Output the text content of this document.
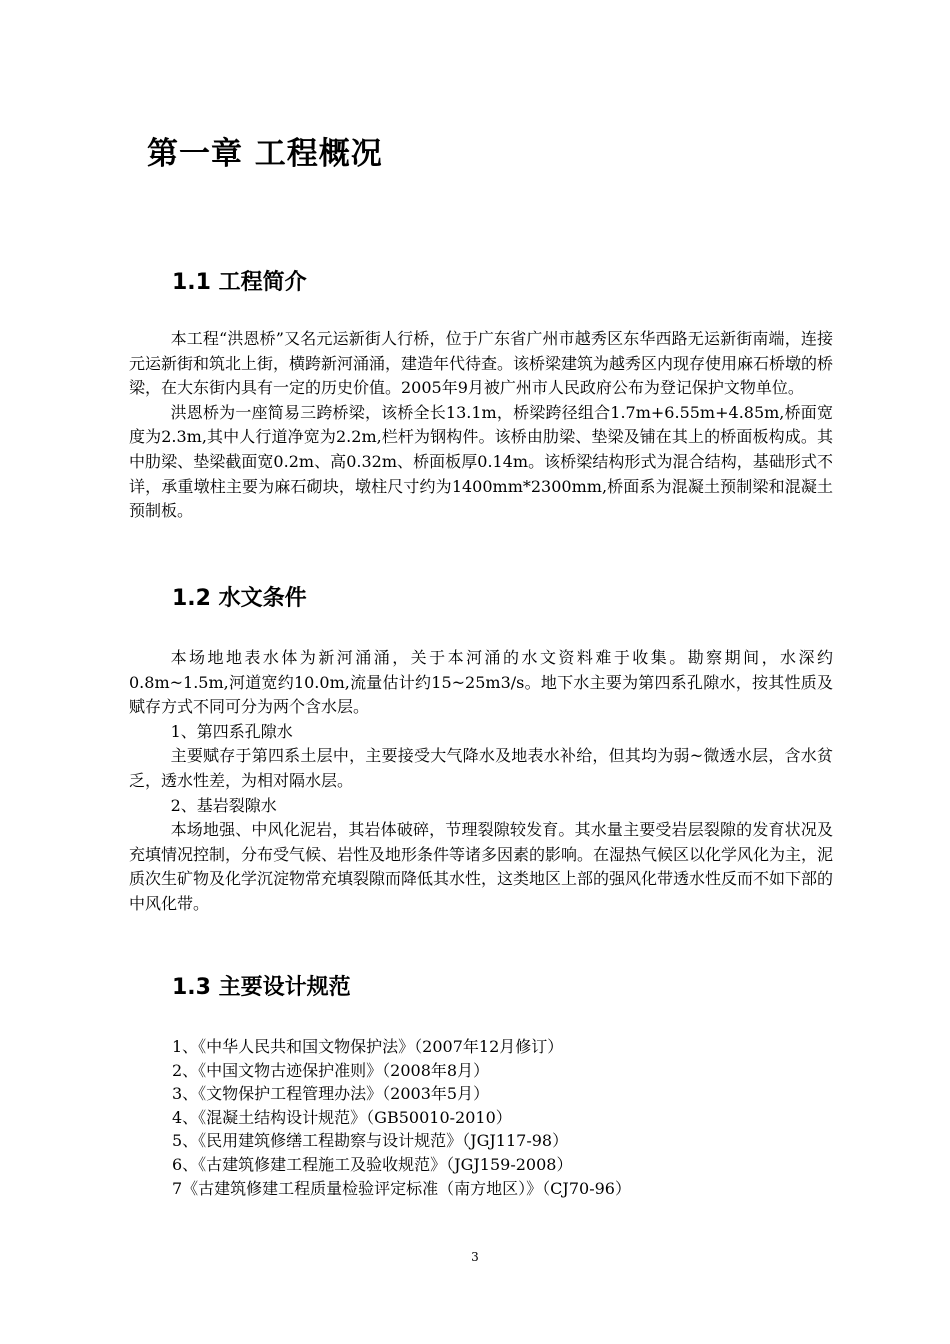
第一章 工程概况
1.1 工程简介

本工程“洪恩桥”又名元运新街人行桥，位于广东省广州市越秀区东华西路无运新街南端，连接元运新街和筑北上街，横跨新河涌涌，建造年代待查。该桥梁建筑为越秀区内现存使用麻石桥墩的桥梁，在大东街内具有一定的历史价值。2005年9月被广州市人民政府公布为登记保护文物单位。

洪恩桥为一座简易三跨桥梁，该桥全长13.1m，桥梁跨径组合1.7m+6.55m+4.85m,桥面宽度为2.3m,其中人行道净宽为2.2m,栏杆为钢构件。该桥由肋梁、垫梁及铺在其上的桥面板构成。其中肋梁、垫梁截面宽0.2m、高0.32m、桥面板厚0.14m。该桥梁结构形式为混合结构，基础形式不详，承重墩柱主要为麻石砌块，墩柱尺寸约为1400mm*2300mm,桥面系为混凝土预制梁和混凝土预制板。

1.2 水文条件

本场地地表水体为新河涌涌，关于本河涌的水文资料难于收集。勘察期间，水深约0.8m~1.5m,河道宽约10.0m,流量估计约15~25m3/s。地下水主要为第四系孔隙水，按其性质及赋存方式不同可分为两个含水层。

1、第四系孔隙水

主要赋存于第四系土层中，主要接受大气降水及地表水补给，但其均为弱~微透水层，含水贫乏，透水性差，为相对隔水层。

2、基岩裂隙水

本场地强、中风化泥岩，其岩体破碎，节理裂隙较发育。其水量主要受岩层裂隙的发育状况及充填情况控制，分布受气候、岩性及地形条件等诸多因素的影响。在湿热气候区以化学风化为主，泥质次生矿物及化学沉淀物常充填裂隙而降低其水性，这类地区上部的强风化带透水性反而不如下部的中风化带。

1.3 主要设计规范

1、《中华人民共和国文物保护法》（2007年12月修订）

2、《中国文物古迹保护准则》（2008年8月）

3、《文物保护工程管理办法》（2003年5月）

4、《混凝土结构设计规范》（GB50010-2010）

5、《民用建筑修缮工程勘察与设计规范》（JGJ117-98）

6、《古建筑修建工程施工及验收规范》（JGJ159-2008）

7《古建筑修建工程质量检验评定标准（南方地区）》（CJ70-96）

3
